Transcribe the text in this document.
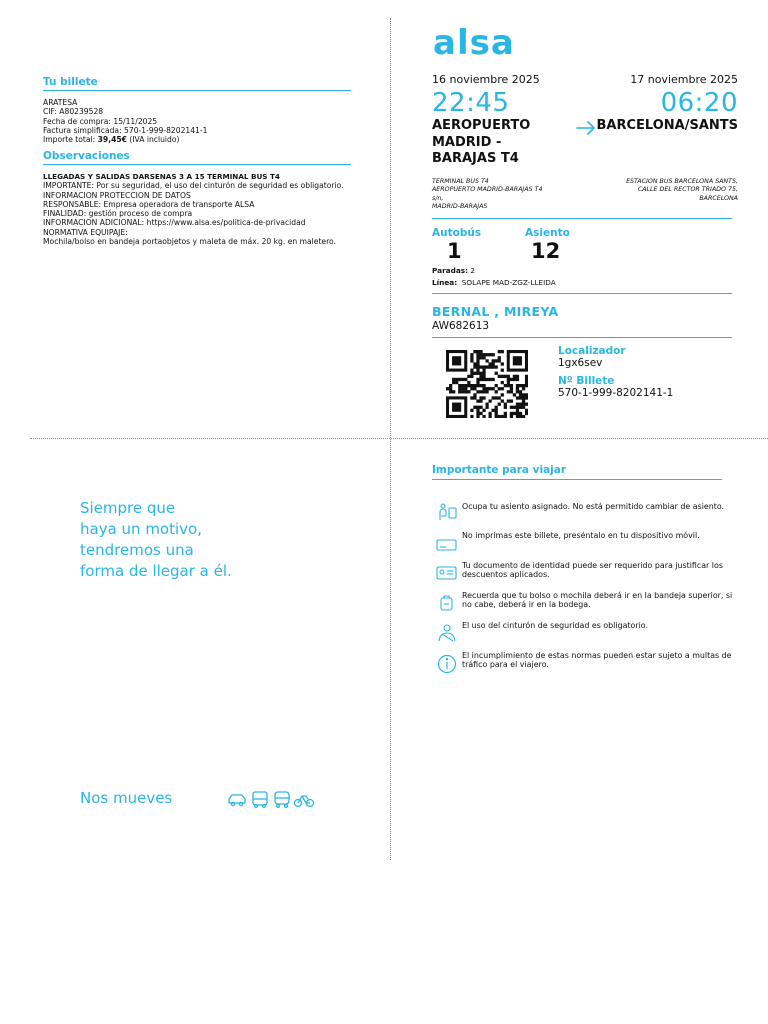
Tu billete
ARATESA
CIF: A80239528
Fecha de compra: 15/11/2025
Factura simplificada: 570-1-999-8202141-1
Importe total: 39,45€ (IVA incluido)
Observaciones
LLEGADAS Y SALIDAS DARSENAS 3 A 15 TERMINAL BUS T4
IMPORTANTE: Por su seguridad, el uso del cinturón de seguridad es obligatorio.
INFORMACION PROTECCION DE DATOS
RESPONSABLE: Empresa operadora de transporte ALSA
FINALIDAD: gestión proceso de compra
INFORMACION ADICIONAL: https://www.alsa.es/politica-de-privacidad
NORMATIVA EQUIPAJE:
Mochila/bolso en bandeja portaobjetos y maleta de máx. 20 kg. en maletero.
alsa
16 noviembre 2025	17 noviembre 2025
22:45	06:20
AEROPUERTO
MADRID -
BARAJAS T4
BARCELONA/SANTS
TERMINAL BUS T4
AEROPUERTO MADRID-BARAJAS T4
s/n,
MADRID-BARAJAS
ESTACION BUS BARCELONA SANTS,
CALLE DEL RECTOR TRIADO 75,
BARCELONA
Autobús	Asiento
1	12
Paradas: 2
Línea: SOLAPE MAD-ZGZ-LLEIDA
BERNAL , MIREYA
AW682613
Localizador
1gx6sev
Nº Billete
570-1-999-8202141-1
Siempre que
haya un motivo,
tendremos una
forma de llegar a él.
Nos mueves
Importante para viajar
Ocupa tu asiento asignado. No está permitido cambiar de asiento.
No imprimas este billete, preséntalo en tu dispositivo móvil.
Tu documento de identidad puede ser requerido para justificar los descuentos aplicados.
Recuerda que tu bolso o mochila deberá ir en la bandeja superior, si no cabe, deberá ir en la bodega.
El uso del cinturón de seguridad es obligatorio.
El incumplimiento de estas normas pueden estar sujeto a multas de tráfico para el viajero.
